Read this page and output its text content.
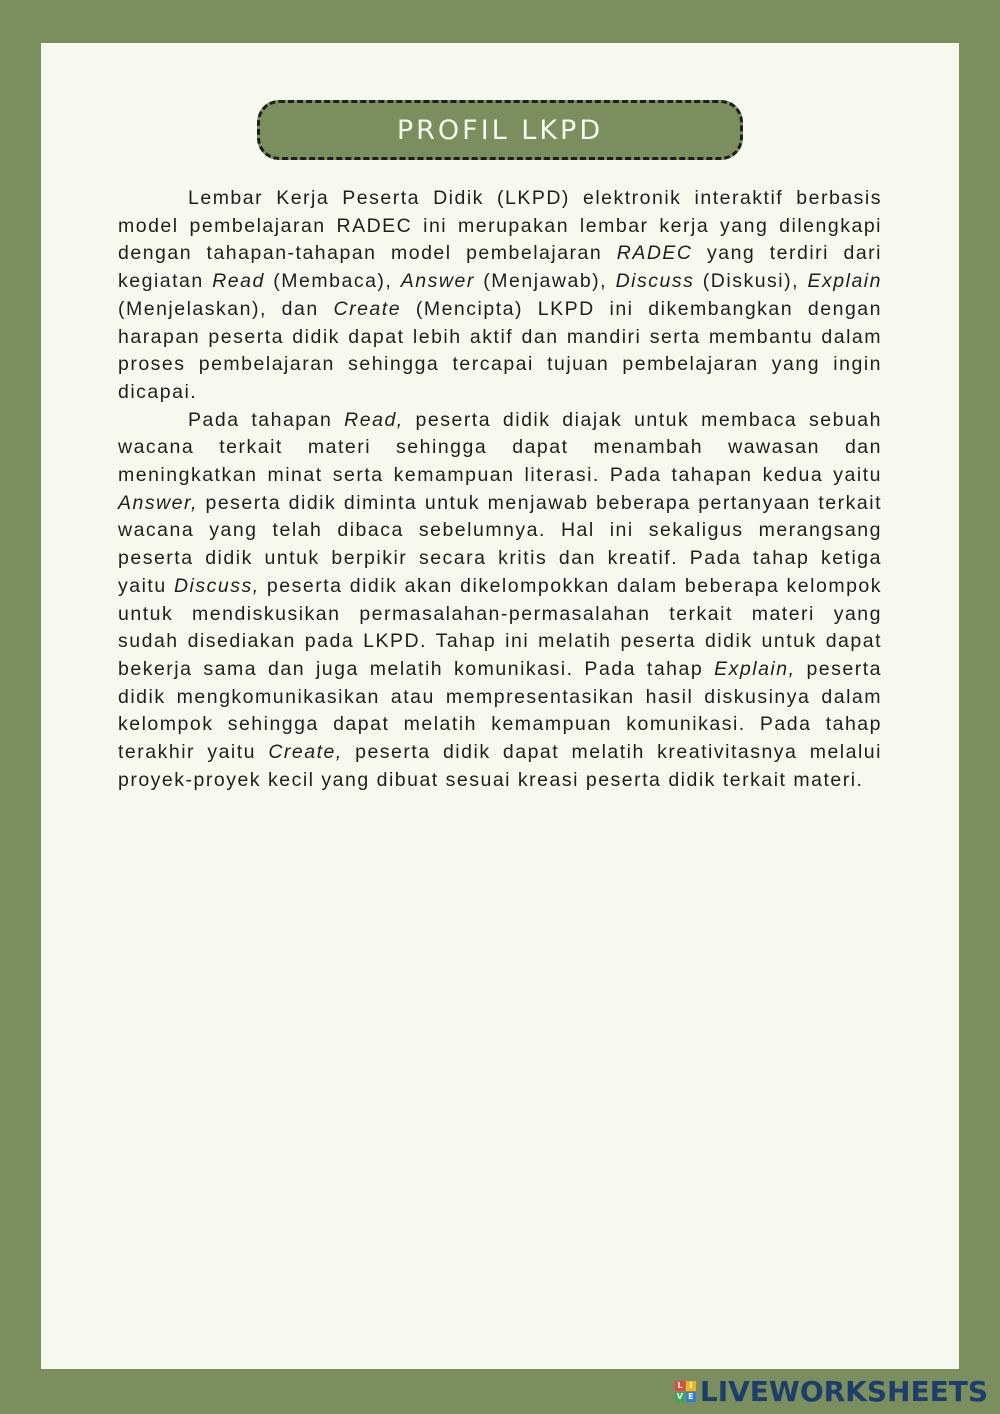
PROFIL LKPD

Lembar Kerja Peserta Didik (LKPD) elektronik interaktif berbasis model pembelajaran RADEC ini merupakan lembar kerja yang dilengkapi dengan tahapan-tahapan model pembelajaran RADEC yang terdiri dari kegiatan Read (Membaca), Answer (Menjawab), Discuss (Diskusi), Explain (Menjelaskan), dan Create (Mencipta) LKPD ini dikembangkan dengan harapan peserta didik dapat lebih aktif dan mandiri serta membantu dalam proses pembelajaran sehingga tercapai tujuan pembelajaran yang ingin dicapai.

Pada tahapan Read, peserta didik diajak untuk membaca sebuah wacana terkait materi sehingga dapat menambah wawasan dan meningkatkan minat serta kemampuan literasi. Pada tahapan kedua yaitu Answer, peserta didik diminta untuk menjawab beberapa pertanyaan terkait wacana yang telah dibaca sebelumnya. Hal ini sekaligus merangsang peserta didik untuk berpikir secara kritis dan kreatif. Pada tahap ketiga yaitu Discuss, peserta didik akan dikelompokkan dalam beberapa kelompok untuk mendiskusikan permasalahan-permasalahan terkait materi yang sudah disediakan pada LKPD. Tahap ini melatih peserta didik untuk dapat bekerja sama dan juga melatih komunikasi. Pada tahap Explain, peserta didik mengkomunikasikan atau mempresentasikan hasil diskusinya dalam kelompok sehingga dapat melatih kemampuan komunikasi. Pada tahap terakhir yaitu Create, peserta didik dapat melatih kreativitasnya melalui proyek-proyek kecil yang dibuat sesuai kreasi peserta didik terkait materi.

L I
V E LIVEWORKSHEETS
